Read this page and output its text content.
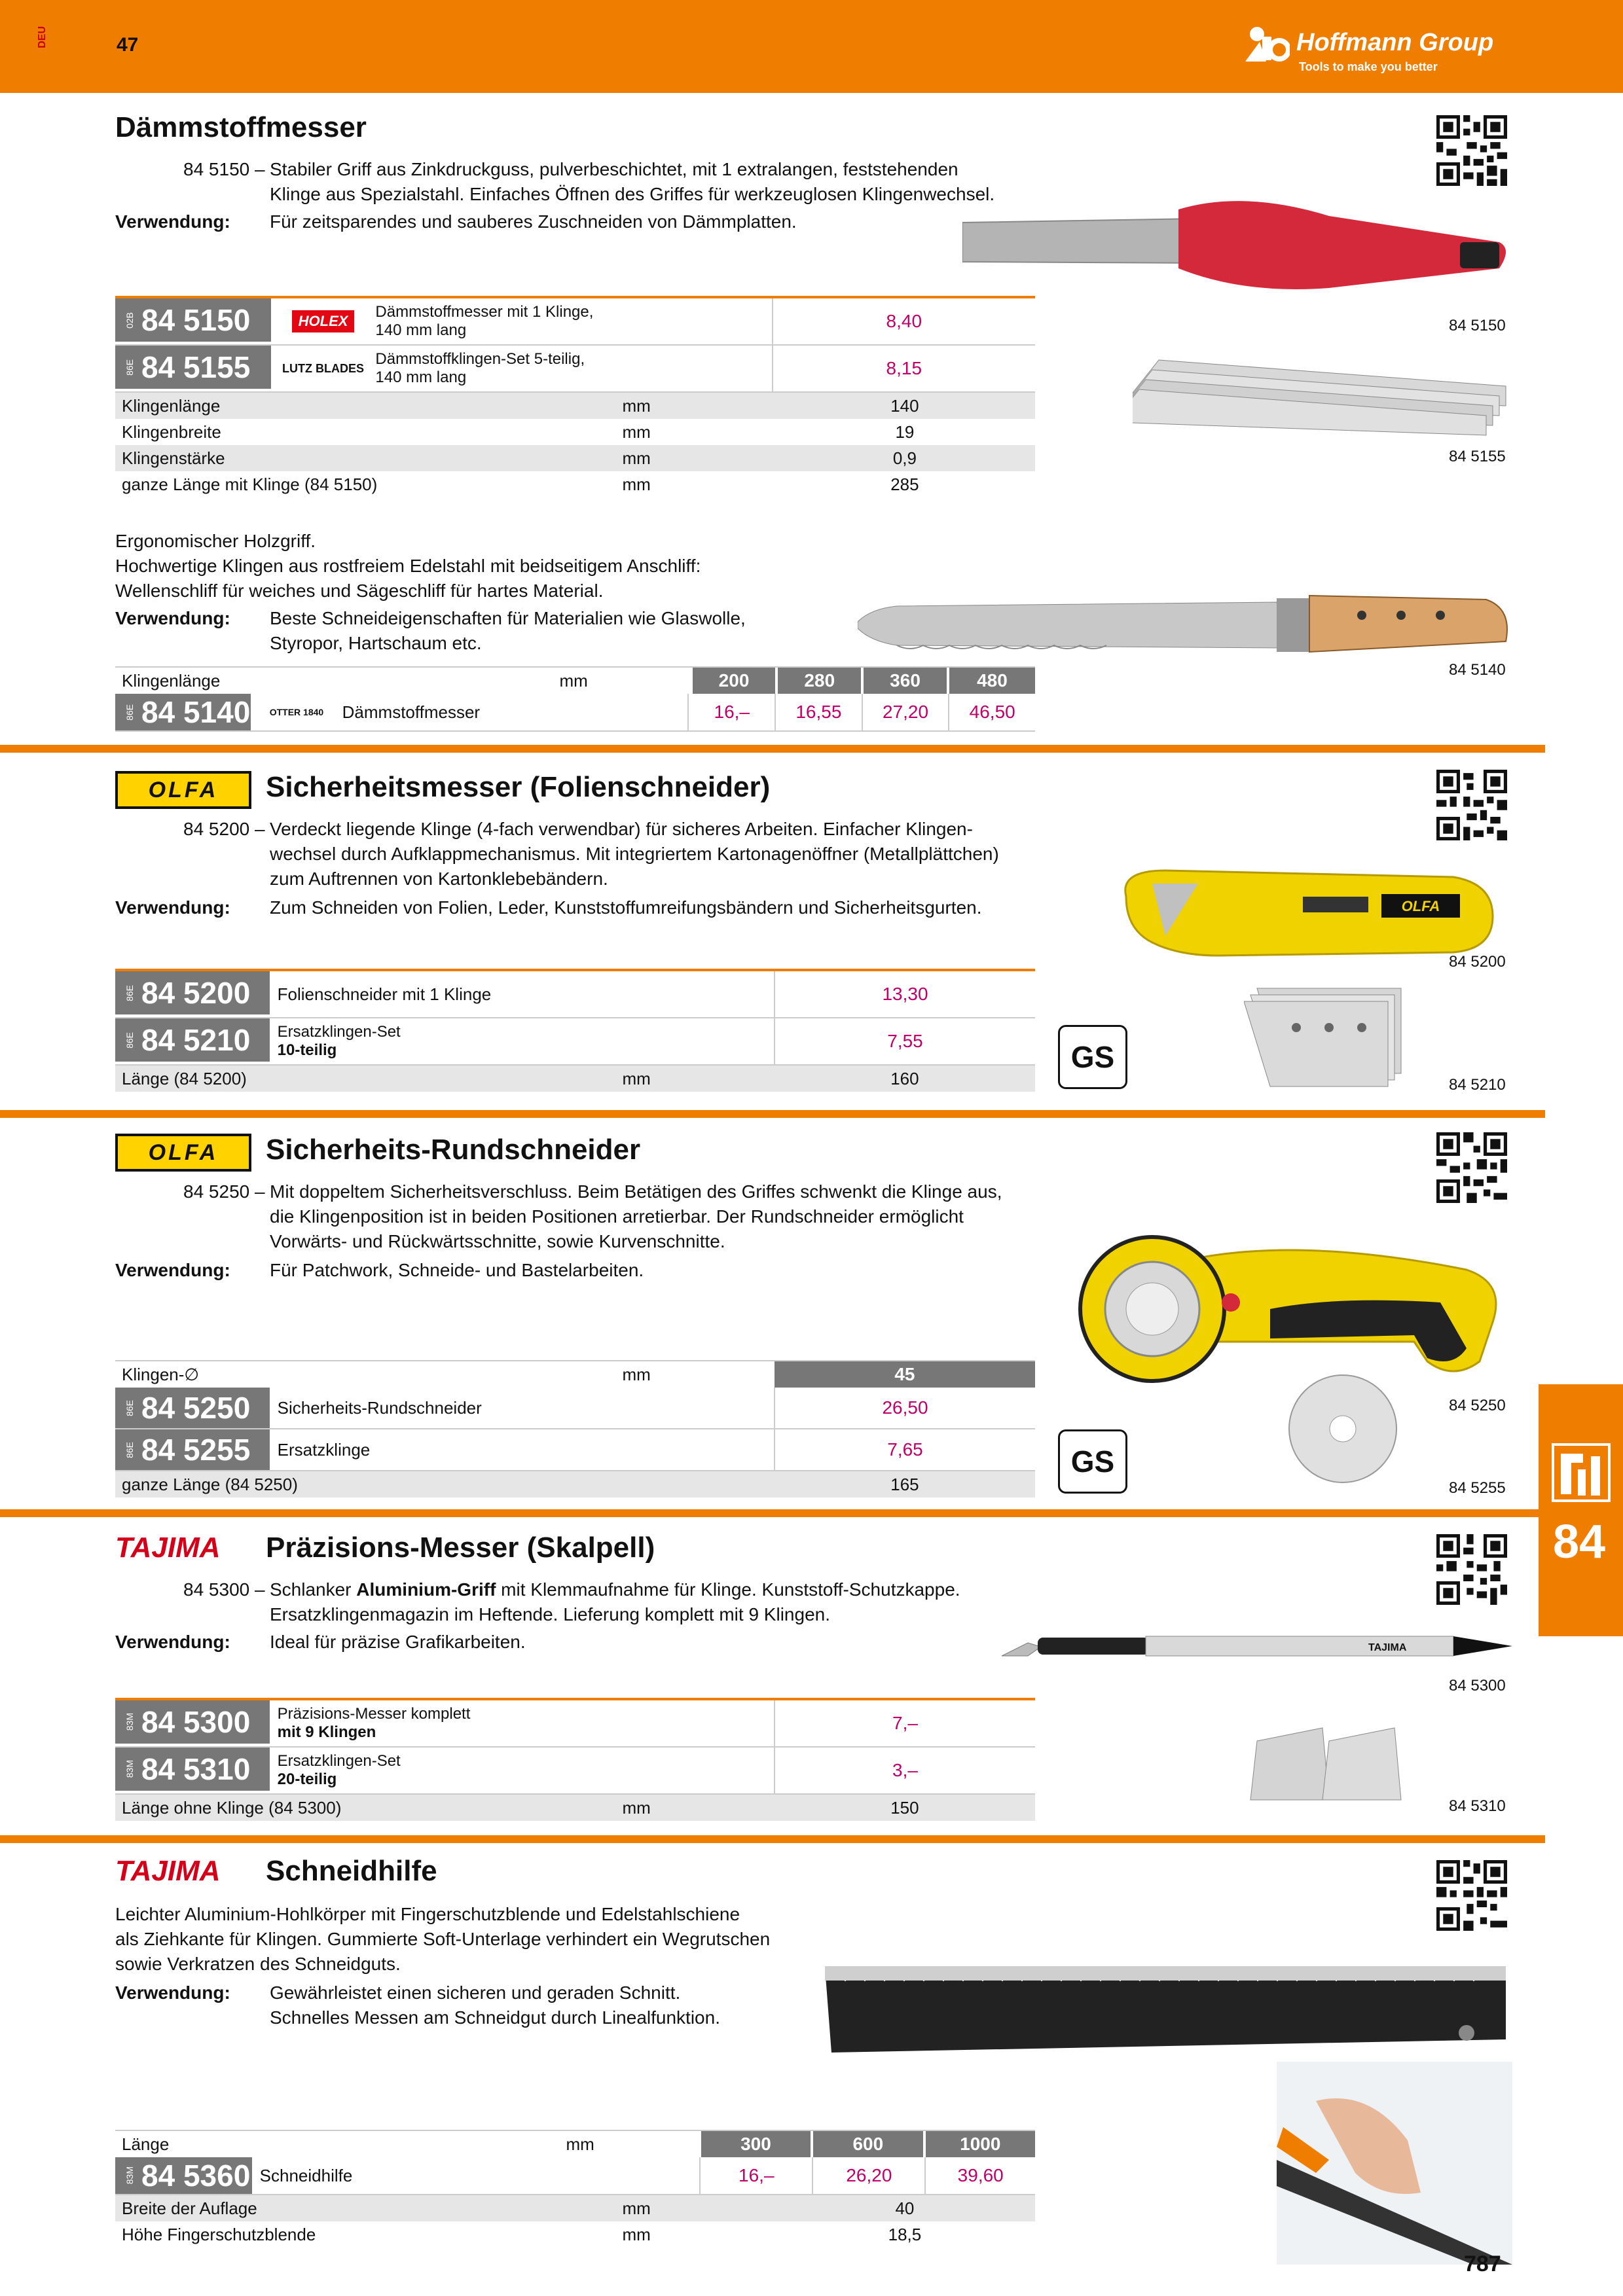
DEU	47	Hoffmann Group
Tools to make you better
84
Dämmstoffmesser
84 5150 – Stabiler Griff aus Zinkdruckguss, pulverbeschichtet, mit 1 extralangen, feststehenden
Klinge aus Spezialstahl. Einfaches Öffnen des Griffes für werkzeuglosen Klingenwechsel.
Verwendung: Für zeitsparendes und sauberes Zuschneiden von Dämmplatten.
84 5150
84 5155
02B 84 5150	HOLEX
Dämmstoffmesser mit 1 Klinge,
140 mm lang	8,40
86E 84 5155	LUTZ BLADES
Dämmstoffklingen-Set 5-teilig,
140 mm lang	8,15
Klingenlänge	mm	140
Klingenbreite	mm	19
Klingenstärke	mm	0,9
ganze Länge mit Klinge (84 5150)	mm	285
Ergonomischer Holzgriff.
Hochwertige Klingen aus rostfreiem Edelstahl mit beidseitigem Anschliff:
Wellenschliff für weiches und Sägeschliff für hartes Material.
Verwendung: Beste Schneideigenschaften für Materialien wie Glaswolle,
Styropor, Hartschaum etc.
84 5140
Klingenlänge	mm	200	280	360	480
86E 84 5140	OTTER 1840	Dämmstoffmesser	16,–	16,55	27,20	46,50
OLFA	Sicherheitsmesser (Folienschneider)
84 5200 – Verdeckt liegende Klinge (4-fach verwendbar) für sicheres Arbeiten. Einfacher Klingen-
wechsel durch Aufklappmechanismus. Mit integriertem Kartonagenöffner (Metallplättchen)
zum Auftrennen von Kartonklebebändern.
Verwendung: Zum Schneiden von Folien, Leder, Kunststoffumreifungsbändern und Sicherheitsgurten.	OLFA
84 5200
84 5210
86E 84 5200	Folienschneider mit 1 Klinge	13,30
86E 84 5210 Ersatzklingen-Set
10-teilig	7,55
Länge (84 5200)	mm	160
GS
OLFA	Sicherheits-Rundschneider
84 5250 – Mit doppeltem Sicherheitsverschluss. Beim Betätigen des Griffes schwenkt die Klinge aus,
die Klingenposition ist in beiden Positionen arretierbar. Der Rundschneider ermöglicht
Vorwärts- und Rückwärtsschnitte, sowie Kurvenschnitte.
Verwendung: Für Patchwork, Schneide- und Bastelarbeiten.
84 5250
84 5255
Klingen-∅	mm	45
86E 84 5250	Sicherheits-Rundschneider	26,50
86E 84 5255	Ersatzklinge	7,65
ganze Länge (84 5250)	165
GS
TAJIMA Präzisions-Messer (Skalpell)
84 5300 – Schlanker Aluminium-Griff mit Klemmaufnahme für Klinge. Kunststoff-Schutzkappe.
Ersatzklingenmagazin im Heftende. Lieferung komplett mit 9 Klingen.
Verwendung: Ideal für präzise Grafikarbeiten.	TAJIMA
84 5300
84 5310
83M 84 5300 Präzisions-Messer komplett
mit 9 Klingen	7,–
83M 84 5310 Ersatzklingen-Set
20-teilig	3,–
Länge ohne Klinge (84 5300)	mm	150
TAJIMA Schneidhilfe
Leichter Aluminium-Hohlkörper mit Fingerschutzblende und Edelstahlschiene
als Ziehkante für Klingen. Gummierte Soft-Unterlage verhindert ein Wegrutschen
sowie Verkratzen des Schneidguts.
Verwendung: Gewährleistet einen sicheren und geraden Schnitt.
Schnelles Messen am Schneidgut durch Linealfunktion.
Länge	mm	300	600	1000
83M 84 5360 Schneidhilfe	16,–	26,20	39,60
Breite der Auflage	mm	40
Höhe Fingerschutzblende	mm	18,5
787
